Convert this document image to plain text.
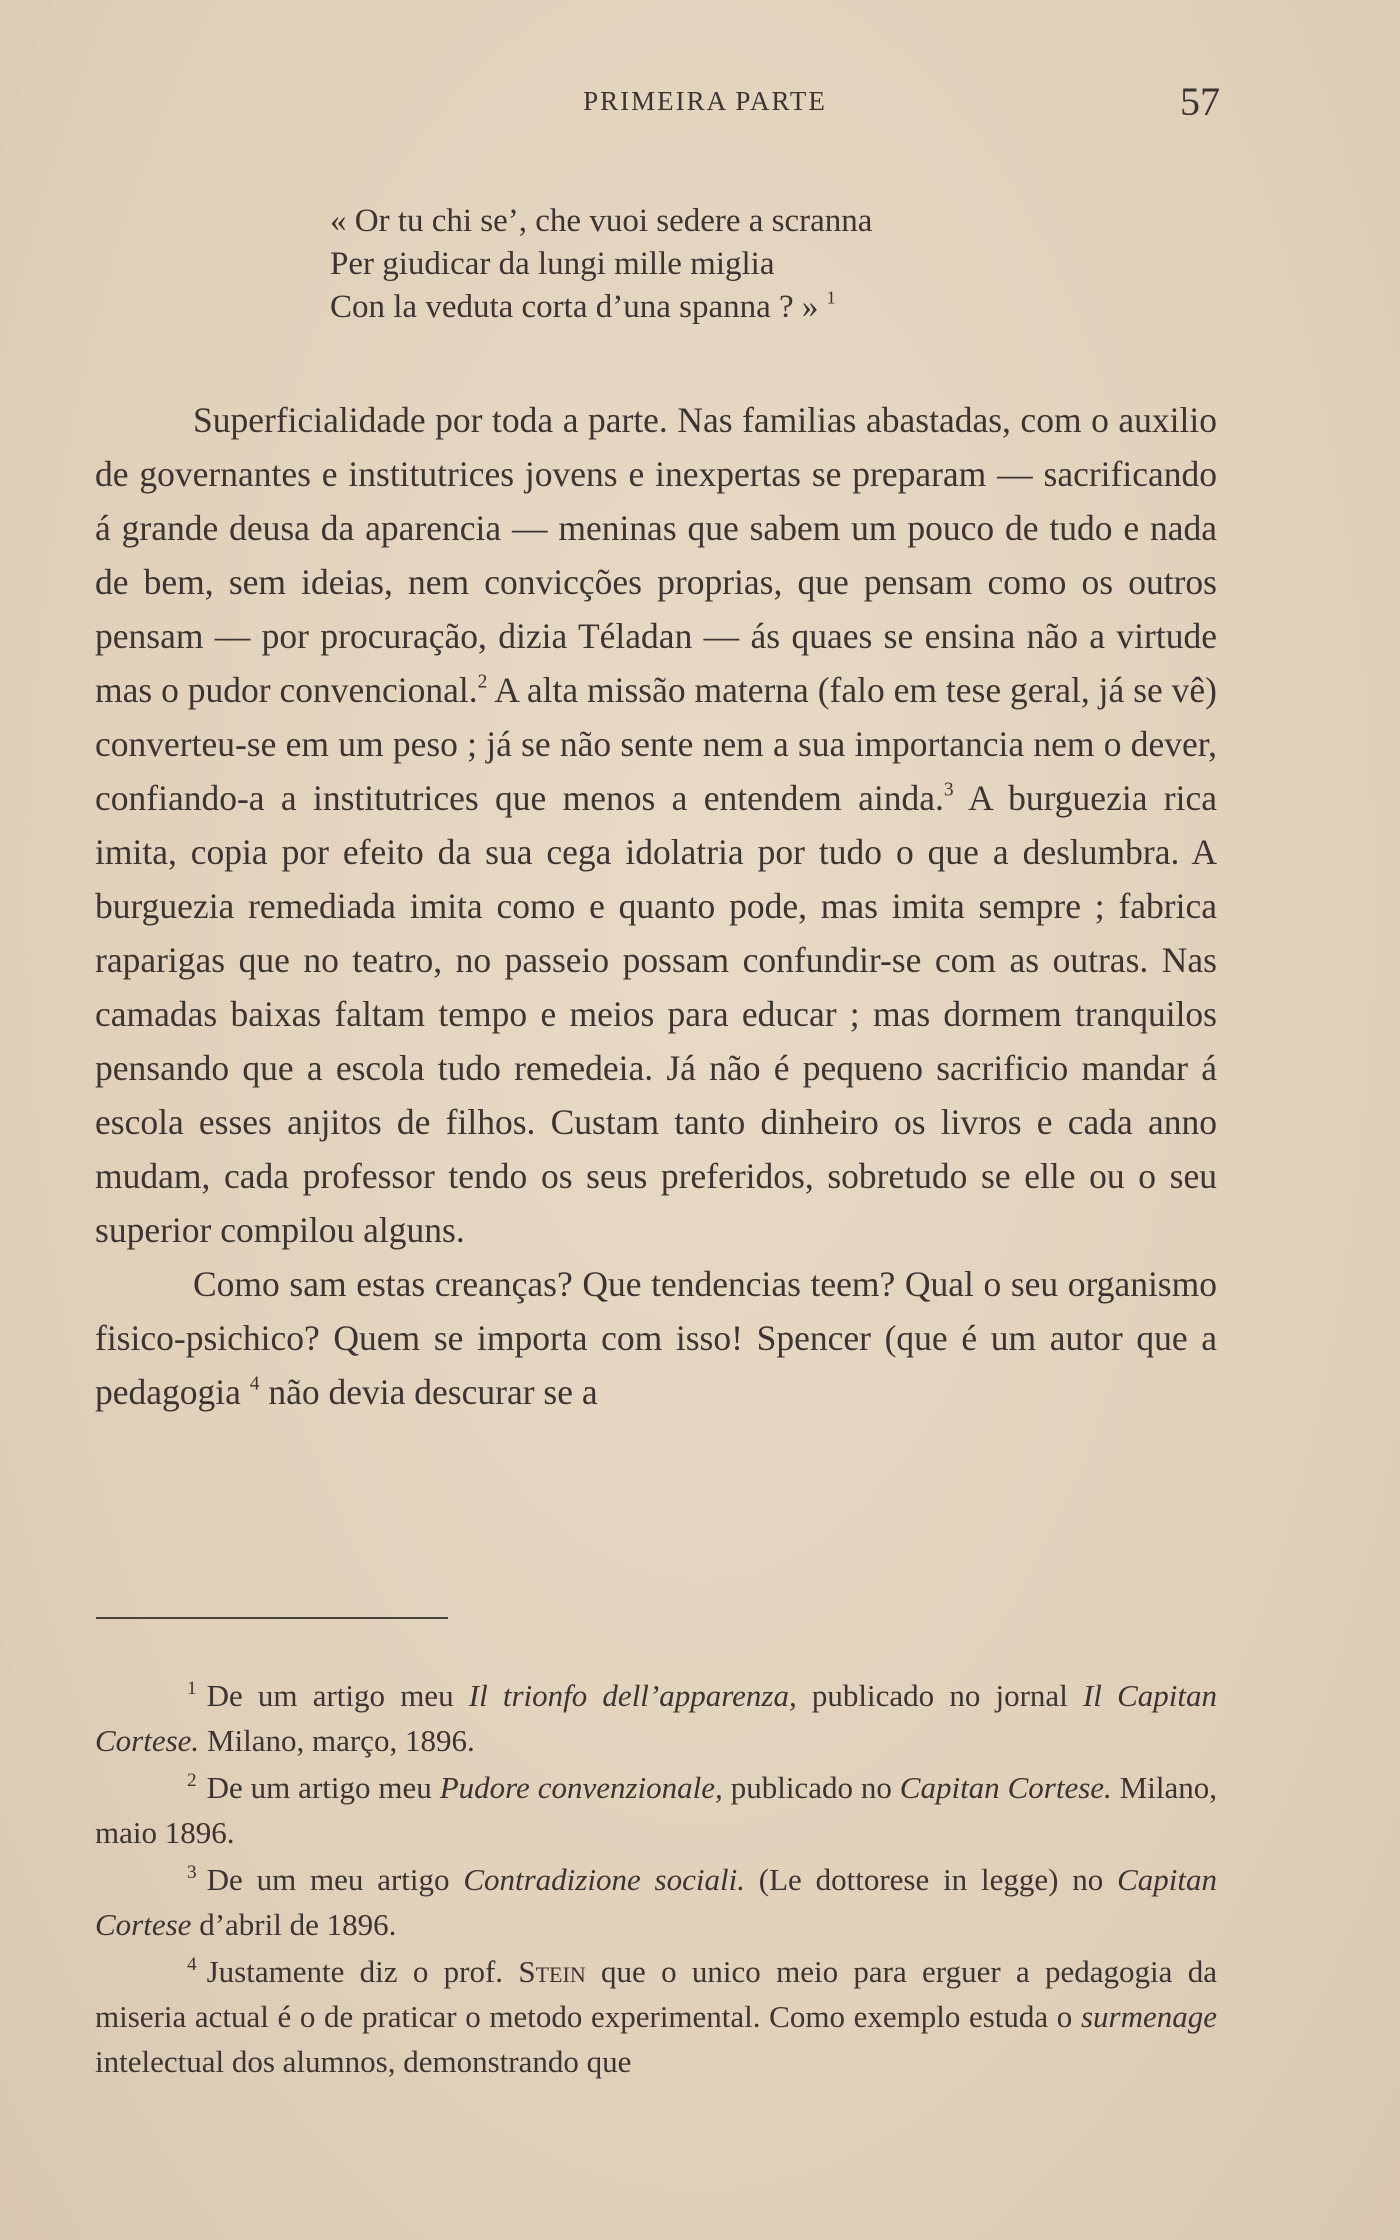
PRIMEIRA PARTE	57

« Or tu chi se’, che vuoi sedere a scranna

Per giudicar da lungi mille miglia

Con la veduta corta d’una spanna ? » $^1$

Superficialidade por toda a parte. Nas familias abastadas, com o auxilio de governantes e institutrices jovens e inexpertas se preparam — sacrificando á grande deusa da aparencia — meninas que sabem um pouco de tudo e nada de bem, sem ideias, nem convicções proprias, que pensam como os outros pensam — por procuração, dizia Téladan — ás quaes se ensina não a virtude mas o pudor convencional.$^2$ A alta missão materna (falo em tese geral, já se vê) converteu-se em um peso ; já se não sente nem a sua importancia nem o dever, confiando-a a institutrices que menos a entendem ainda.$^3$ A burguezia rica imita, copia por efeito da sua cega idolatria por tudo o que a deslumbra. A burguezia remediada imita como e quanto pode, mas imita sempre ; fabrica raparigas que no teatro, no passeio possam confundir-se com as outras. Nas camadas baixas faltam tempo e meios para educar ; mas dormem tranquilos pensando que a escola tudo remedeia. Já não é pequeno sacrificio mandar á escola esses anjitos de filhos. Custam tanto dinheiro os livros e cada anno mudam, cada professor tendo os seus preferidos, sobretudo se elle ou o seu superior compilou alguns.

Como sam estas creanças? Que tendencias teem? Qual o seu organismo fisico-psichico? Quem se importa com isso! Spencer (que é um autor que a pedagogia $^4$ não devia descurar se a

$^1$ De um artigo meu Il trionfo dell’apparenza, publicado no jornal Il Capitan Cortese. Milano, março, 1896.

$^2$ De um artigo meu Pudore convenzionale, publicado no Capitan Cortese. Milano, maio 1896.

$^3$ De um meu artigo Contradizione sociali. (Le dottorese in legge) no Capitan Cortese d’abril de 1896.

$^4$ Justamente diz o prof. Stein que o unico meio para erguer a pedagogia da miseria actual é o de praticar o metodo experimental. Como exemplo estuda o surmenage intelectual dos alumnos, demonstrando que
